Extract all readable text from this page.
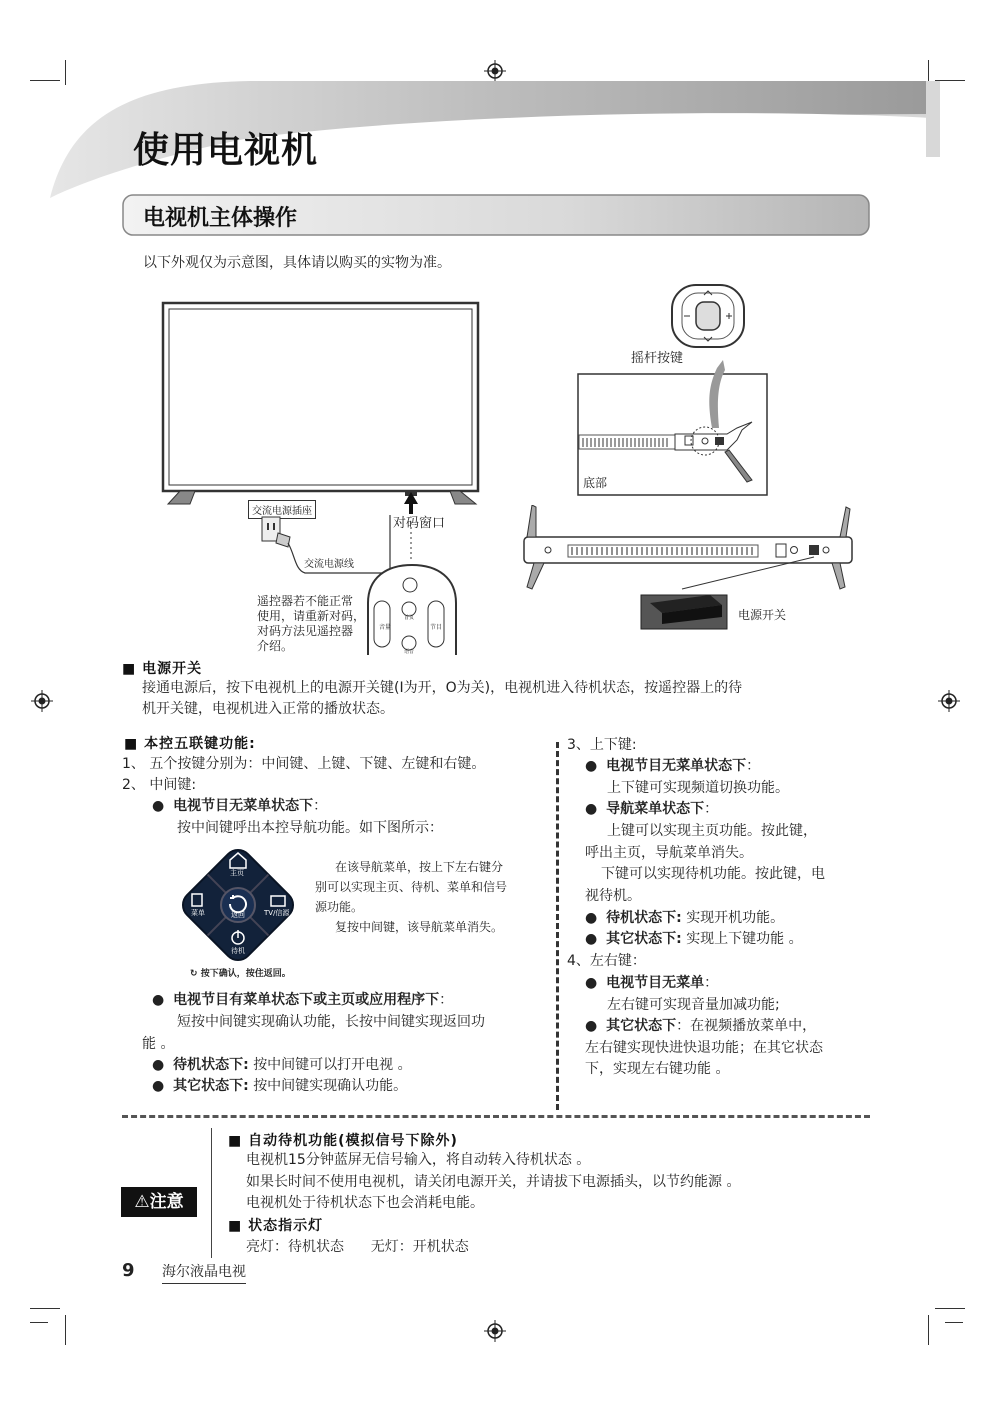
使用电视机
电视机主体操作
以下外观仅为示意图，具体请以购买的实物为准。
交流电源插座
交流电源线
对码窗口
音量	节目
首页
语音
遥控器若不能正常
使用，请重新对码，
对码方法见遥控器
介绍。
摇杆按键
底部
电源开关
■ 电源开关
接通电源后，按下电视机上的电源开关键(I为开，O为关)，电视机进入待机状态，按遥控器上的待
机开关键，电视机进入正常的播放状态。
■ 本控五联键功能:
1、 五个按键分别为：中间键、上键、下键、左键和右键。
2、 中间键:
●  电视节目无菜单状态下：
按中间键呼出本控导航功能。如下图所示：
主页
菜单	返回	TV/信源
待机
↻ 按下确认，按住返回。
在该导航菜单，按上下左右键分
别可以实现主页、待机、菜单和信号
源功能。
复按中间键，该导航菜单消失。
●  电视节目有菜单状态下或主页或应用程序下：
短按中间键实现确认功能，长按中间键实现返回功
能 。
●  待机状态下: 按中间键可以打开电视 。
●  其它状态下: 按中间键实现确认功能。
3、上下键:
●  电视节目无菜单状态下：
上下键可实现频道切换功能。
●  导航菜单状态下：
上键可以实现主页功能。按此键，
呼出主页，导航菜单消失。
下键可以实现待机功能。按此键，电
视待机。
●  待机状态下: 实现开机功能。
●  其它状态下: 实现上下键功能 。
4、左右键：
●  电视节目无菜单：
左右键可实现音量加减功能;
●  其它状态下：在视频播放菜单中，
左右键实现快进快退功能；在其它状态
下，实现左右键功能 。
⚠注意
■ 自动待机功能(模拟信号下除外)
电视机15分钟蓝屏无信号输入，将自动转入待机状态 。
如果长时间不使用电视机，请关闭电源开关，并请拔下电源插头，以节约能源 。
电视机处于待机状态下也会消耗电能。
■ 状态指示灯
亮灯：待机状态 无灯：开机状态
9 海尔液晶电视
